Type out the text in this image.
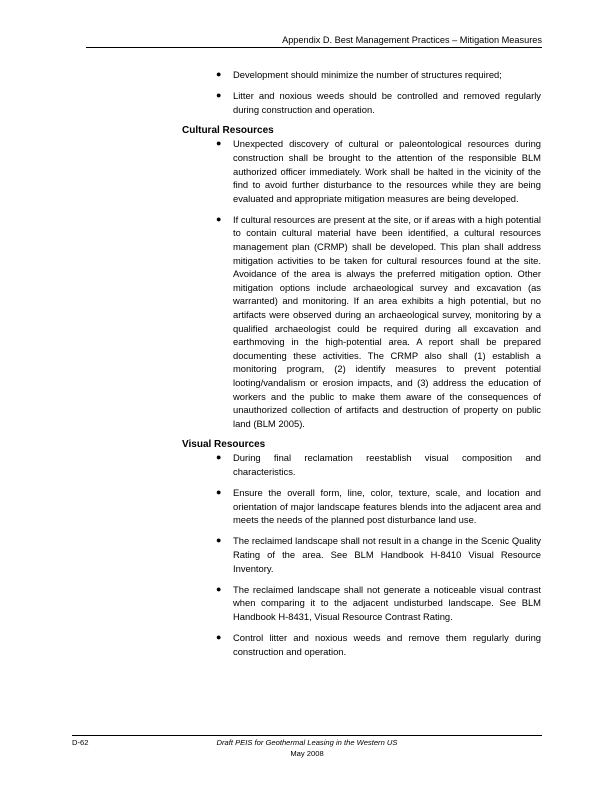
Appendix D. Best Management Practices – Mitigation Measures
● Development should minimize the number of structures required;
● Litter and noxious weeds should be controlled and removed regularly during construction and operation.
Cultural Resources
● Unexpected discovery of cultural or paleontological resources during construction shall be brought to the attention of the responsible BLM authorized officer immediately. Work shall be halted in the vicinity of the find to avoid further disturbance to the resources while they are being evaluated and appropriate mitigation measures are being developed.
● If cultural resources are present at the site, or if areas with a high potential to contain cultural material have been identified, a cultural resources management plan (CRMP) shall be developed. This plan shall address mitigation activities to be taken for cultural resources found at the site. Avoidance of the area is always the preferred mitigation option. Other mitigation options include archaeological survey and excavation (as warranted) and monitoring. If an area exhibits a high potential, but no artifacts were observed during an archaeological survey, monitoring by a qualified archaeologist could be required during all excavation and earthmoving in the high-potential area. A report shall be prepared documenting these activities. The CRMP also shall (1) establish a monitoring program, (2) identify measures to prevent potential looting/vandalism or erosion impacts, and (3) address the education of workers and the public to make them aware of the consequences of unauthorized collection of artifacts and destruction of property on public land (BLM 2005).
Visual Resources
● During final reclamation reestablish visual composition and characteristics.
● Ensure the overall form, line, color, texture, scale, and location and orientation of major landscape features blends into the adjacent area and meets the needs of the planned post disturbance land use.
● The reclaimed landscape shall not result in a change in the Scenic Quality Rating of the area. See BLM Handbook H-8410 Visual Resource Inventory.
● The reclaimed landscape shall not generate a noticeable visual contrast when comparing it to the adjacent undisturbed landscape. See BLM Handbook H-8431, Visual Resource Contrast Rating.
● Control litter and noxious weeds and remove them regularly during construction and operation.
D-62	Draft PEIS for Geothermal Leasing in the Western US
May 2008
